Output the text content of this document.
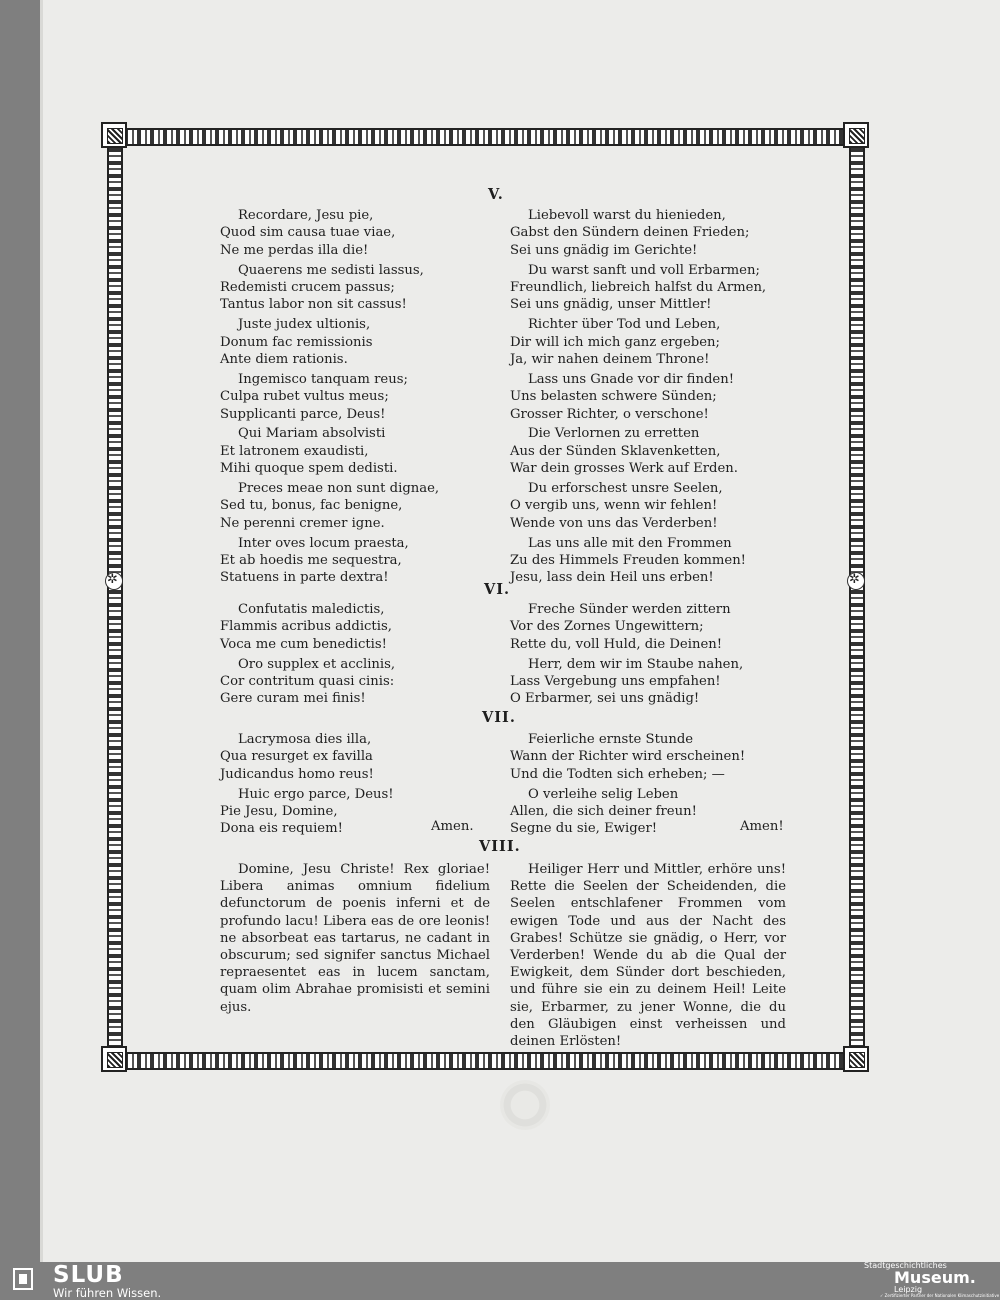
✲
✲
V.
VI.
VII.
VIII.
Recordare, Jesu pie,
Quod sim causa tuae viae,
Ne me perdas illa die!
Quaerens me sedisti lassus,
Redemisti crucem passus;
Tantus labor non sit cassus!
Juste judex ultionis,
Donum fac remissionis
Ante diem rationis.
Ingemisco tanquam reus;
Culpa rubet vultus meus;
Supplicanti parce, Deus!
Qui Mariam absolvisti
Et latronem exaudisti,
Mihi quoque spem dedisti.
Preces meae non sunt dignae,
Sed tu, bonus, fac benigne,
Ne perenni cremer igne.
Inter oves locum praesta,
Et ab hoedis me sequestra,
Statuens in parte dextra!
Liebevoll warst du hienieden,
Gabst den Sündern deinen Frieden;
Sei uns gnädig im Gerichte!
Du warst sanft und voll Erbarmen;
Freundlich, liebreich halfst du Armen,
Sei uns gnädig, unser Mittler!
Richter über Tod und Leben,
Dir will ich mich ganz ergeben;
Ja, wir nahen deinem Throne!
Lass uns Gnade vor dir finden!
Uns belasten schwere Sünden;
Grosser Richter, o verschone!
Die Verlornen zu erretten
Aus der Sünden Sklavenketten,
War dein grosses Werk auf Erden.
Du erforschest unsre Seelen,
O vergib uns, wenn wir fehlen!
Wende von uns das Verderben!
Las uns alle mit den Frommen
Zu des Himmels Freuden kommen!
Jesu, lass dein Heil uns erben!
Confutatis maledictis,
Flammis acribus addictis,
Voca me cum benedictis!
Oro supplex et acclinis,
Cor contritum quasi cinis:
Gere curam mei finis!
Freche Sünder werden zittern
Vor des Zornes Ungewittern;
Rette du, voll Huld, die Deinen!
Herr, dem wir im Staube nahen,
Lass Vergebung uns empfahen!
O Erbarmer, sei uns gnädig!
Lacrymosa dies illa,
Qua resurget ex favilla
Judicandus homo reus!
Huic ergo parce, Deus!
Pie Jesu, Domine,
Dona eis requiem!
Feierliche ernste Stunde
Wann der Richter wird erscheinen!
Und die Todten sich erheben; —
O verleihe selig Leben
Allen, die sich deiner freun!
Segne du sie, Ewiger!
Amen.	Amen!

Domine, Jesu Christe! Rex gloriae! Libera animas omnium fidelium defunctorum de poenis inferni et de profundo lacu! Libera eas de ore leonis! ne absorbeat eas tartarus, ne cadant in obscurum; sed signifer sanctus Michael repraesentet eas in lucem sanctam, quam olim Abrahae promisisti et semini ejus.

Heiliger Herr und Mittler, erhöre uns! Rette die Seelen der Scheidenden, die Seelen entschlafener Frommen vom ewigen Tode und aus der Nacht des Grabes! Schütze sie gnädig, o Herr, vor Verderben! Wende du ab die Qual der Ewigkeit, dem Sünder dort beschieden, und führe sie ein zu deinem Heil! Leite sie, Erbarmer, zu jener Wonne, die du den Gläubigen einst verheissen und deinen Erlösten!

SLUB
Wir führen Wissen.
Stadtgeschichtliches
Museum.
Leipzig
✓ Zertifizierter Partner der Nationalen Klimaschutzinitiative
